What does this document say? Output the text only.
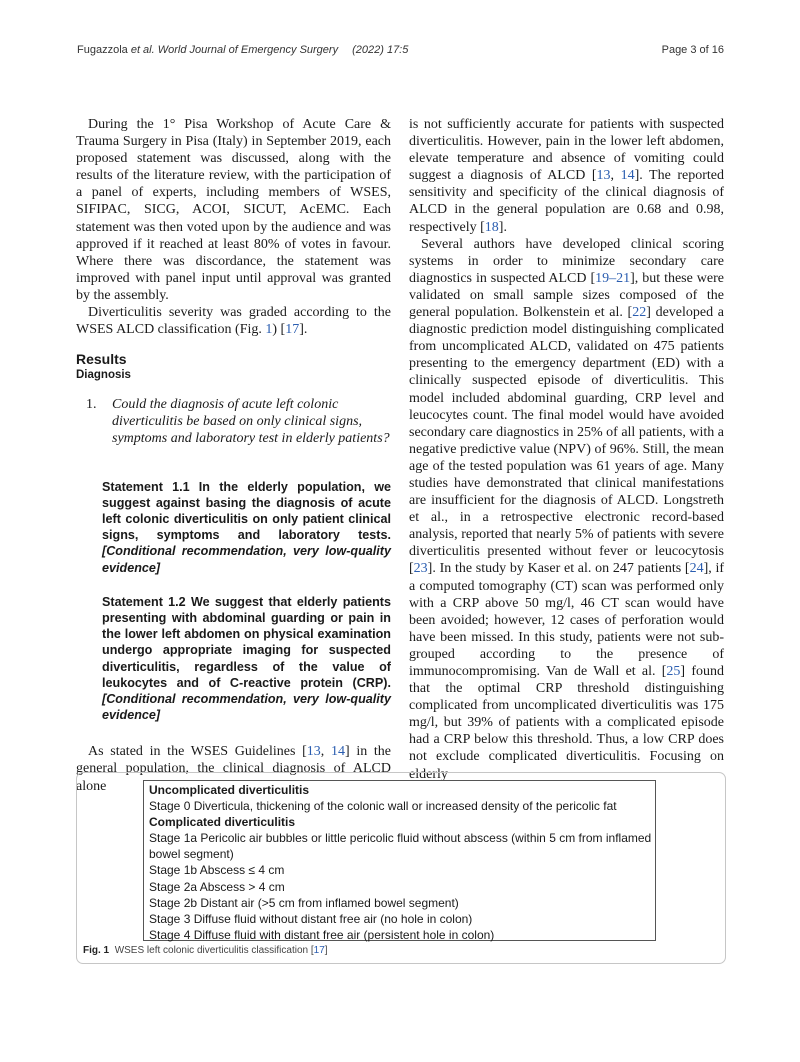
Fugazzola et al. World Journal of Emergency Surgery (2022) 17:5	Page 3 of 16

During the 1° Pisa Workshop of Acute Care & Trauma Surgery in Pisa (Italy) in September 2019, each proposed statement was discussed, along with the results of the literature review, with the participation of a panel of experts, including members of WSES, SIFIPAC, SICG, ACOI, SICUT, AcEMC. Each statement was then voted upon by the audience and was approved if it reached at least 80% of votes in favour. Where there was discordance, the statement was improved with panel input until approval was granted by the assembly.

Diverticulitis severity was graded according to the WSES ALCD classification (Fig. 1) [17].

Results
Diagnosis
1.	Could the diagnosis of acute left colonic diverticulitis be based on only clinical signs, symptoms and laboratory test in elderly patients?
Statement 1.1 In the elderly population, we suggest against basing the diagnosis of acute left colonic diverticulitis on only patient clinical signs, symptoms and laboratory tests. [Conditional recommendation, very low-quality evidence]
Statement 1.2 We suggest that elderly patients presenting with abdominal guarding or pain in the lower left abdomen on physical examination undergo appropriate imaging for suspected diverticulitis, regardless of the value of leukocytes and of C-reactive protein (CRP). [Conditional recommendation, very low-quality evidence]

As stated in the WSES Guidelines [13, 14] in the general population, the clinical diagnosis of ALCD alone

is not sufficiently accurate for patients with suspected diverticulitis. However, pain in the lower left abdomen, elevate temperature and absence of vomiting could suggest a diagnosis of ALCD [13, 14]. The reported sensitivity and specificity of the clinical diagnosis of ALCD in the general population are 0.68 and 0.98, respectively [18].

Several authors have developed clinical scoring systems in order to minimize secondary care diagnostics in suspected ALCD [19–21], but these were validated on small sample sizes composed of the general population. Bolkenstein et al. [22] developed a diagnostic prediction model distinguishing complicated from uncomplicated ALCD, validated on 475 patients presenting to the emergency department (ED) with a clinically suspected episode of diverticulitis. This model included abdominal guarding, CRP level and leucocytes count. The final model would have avoided secondary care diagnostics in 25% of all patients, with a negative predictive value (NPV) of 96%. Still, the mean age of the tested population was 61 years of age. Many studies have demonstrated that clinical manifestations are insufficient for the diagnosis of ALCD. Longstreth et al., in a retrospective electronic record-based analysis, reported that nearly 5% of patients with severe diverticulitis presented without fever or leucocytosis [23]. In the study by Kaser et al. on 247 patients [24], if a computed tomography (CT) scan was performed only with a CRP above 50 mg/l, 46 CT scan would have been avoided; however, 12 cases of perforation would have been missed. In this study, patients were not sub-grouped according to the presence of immunocompromising. Van de Wall et al. [25] found that the optimal CRP threshold distinguishing complicated from uncomplicated diverticulitis was 175 mg/l, but 39% of patients with a complicated episode had a CRP below this threshold. Thus, a low CRP does not exclude complicated diverticulitis. Focusing on elderly

Uncomplicated diverticulitis
Stage 0 Diverticula, thickening of the colonic wall or increased density of the pericolic fat
Complicated diverticulitis
Stage 1a Pericolic air bubbles or little pericolic fluid without abscess (within 5 cm from inflamed bowel segment)
Stage 1b Abscess ≤ 4 cm
Stage 2a Abscess > 4 cm
Stage 2b Distant air (>5 cm from inflamed bowel segment)
Stage 3 Diffuse fluid without distant free air (no hole in colon)
Stage 4 Diffuse fluid with distant free air (persistent hole in colon)
Fig. 1 WSES left colonic diverticulitis classification [17]
